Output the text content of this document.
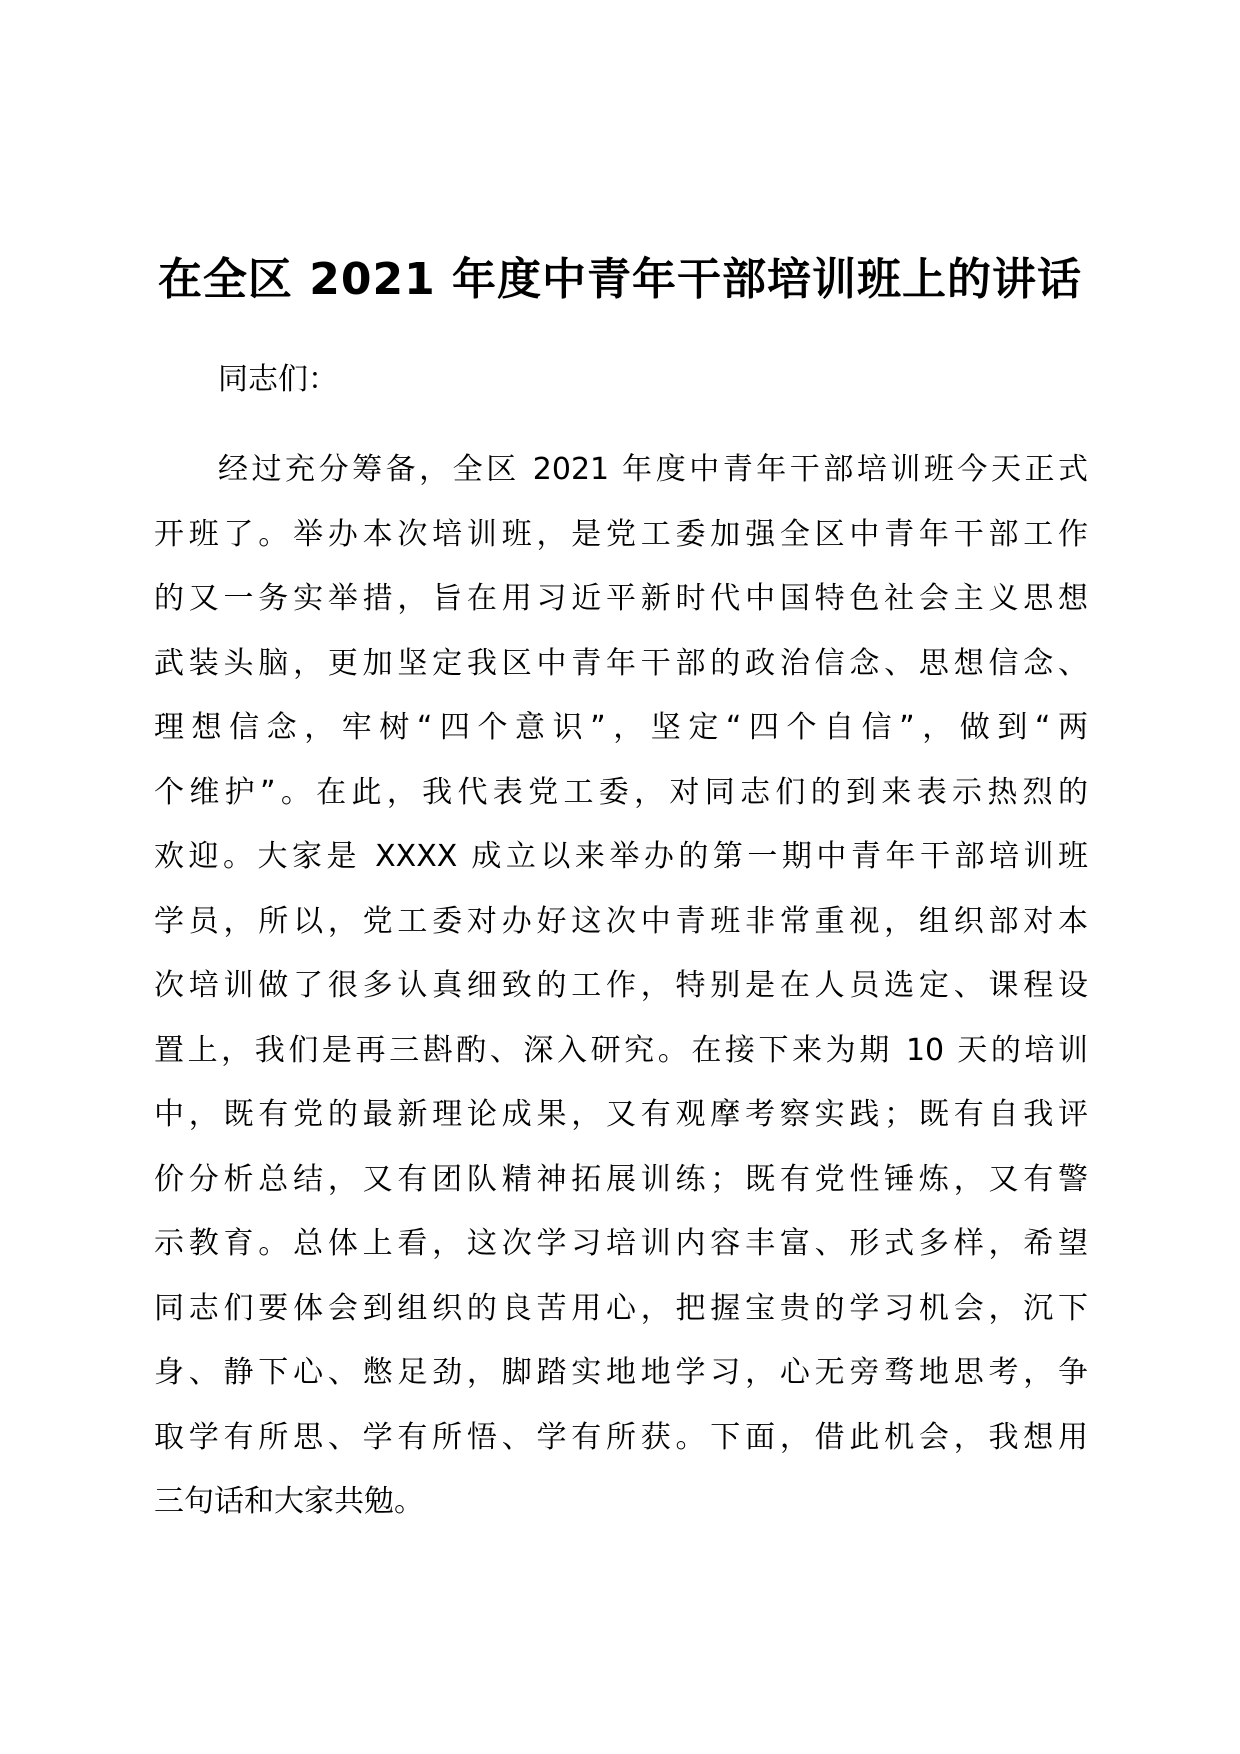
在全区 2021 年度中青年干部培训班上的讲话
同志们：
经过充分筹备，全区 2021 年度中青年干部培训班今天正式
开班了。举办本次培训班，是党工委加强全区中青年干部工作
的又一务实举措，旨在用习近平新时代中国特色社会主义思想
武装头脑，更加坚定我区中青年干部的政治信念、思想信念、
理想信念，牢树“四个意识”，坚定“四个自信”，做到“两
个维护”。在此，我代表党工委，对同志们的到来表示热烈的
欢迎。大家是 XXXX 成立以来举办的第一期中青年干部培训班
学员，所以，党工委对办好这次中青班非常重视，组织部对本
次培训做了很多认真细致的工作，特别是在人员选定、课程设
置上，我们是再三斟酌、深入研究。在接下来为期 10 天的培训
中，既有党的最新理论成果，又有观摩考察实践；既有自我评
价分析总结，又有团队精神拓展训练；既有党性锤炼，又有警
示教育。总体上看，这次学习培训内容丰富、形式多样，希望
同志们要体会到组织的良苦用心，把握宝贵的学习机会，沉下
身、静下心、憋足劲，脚踏实地地学习，心无旁骛地思考，争
取学有所思、学有所悟、学有所获。下面，借此机会，我想用
三句话和大家共勉。
